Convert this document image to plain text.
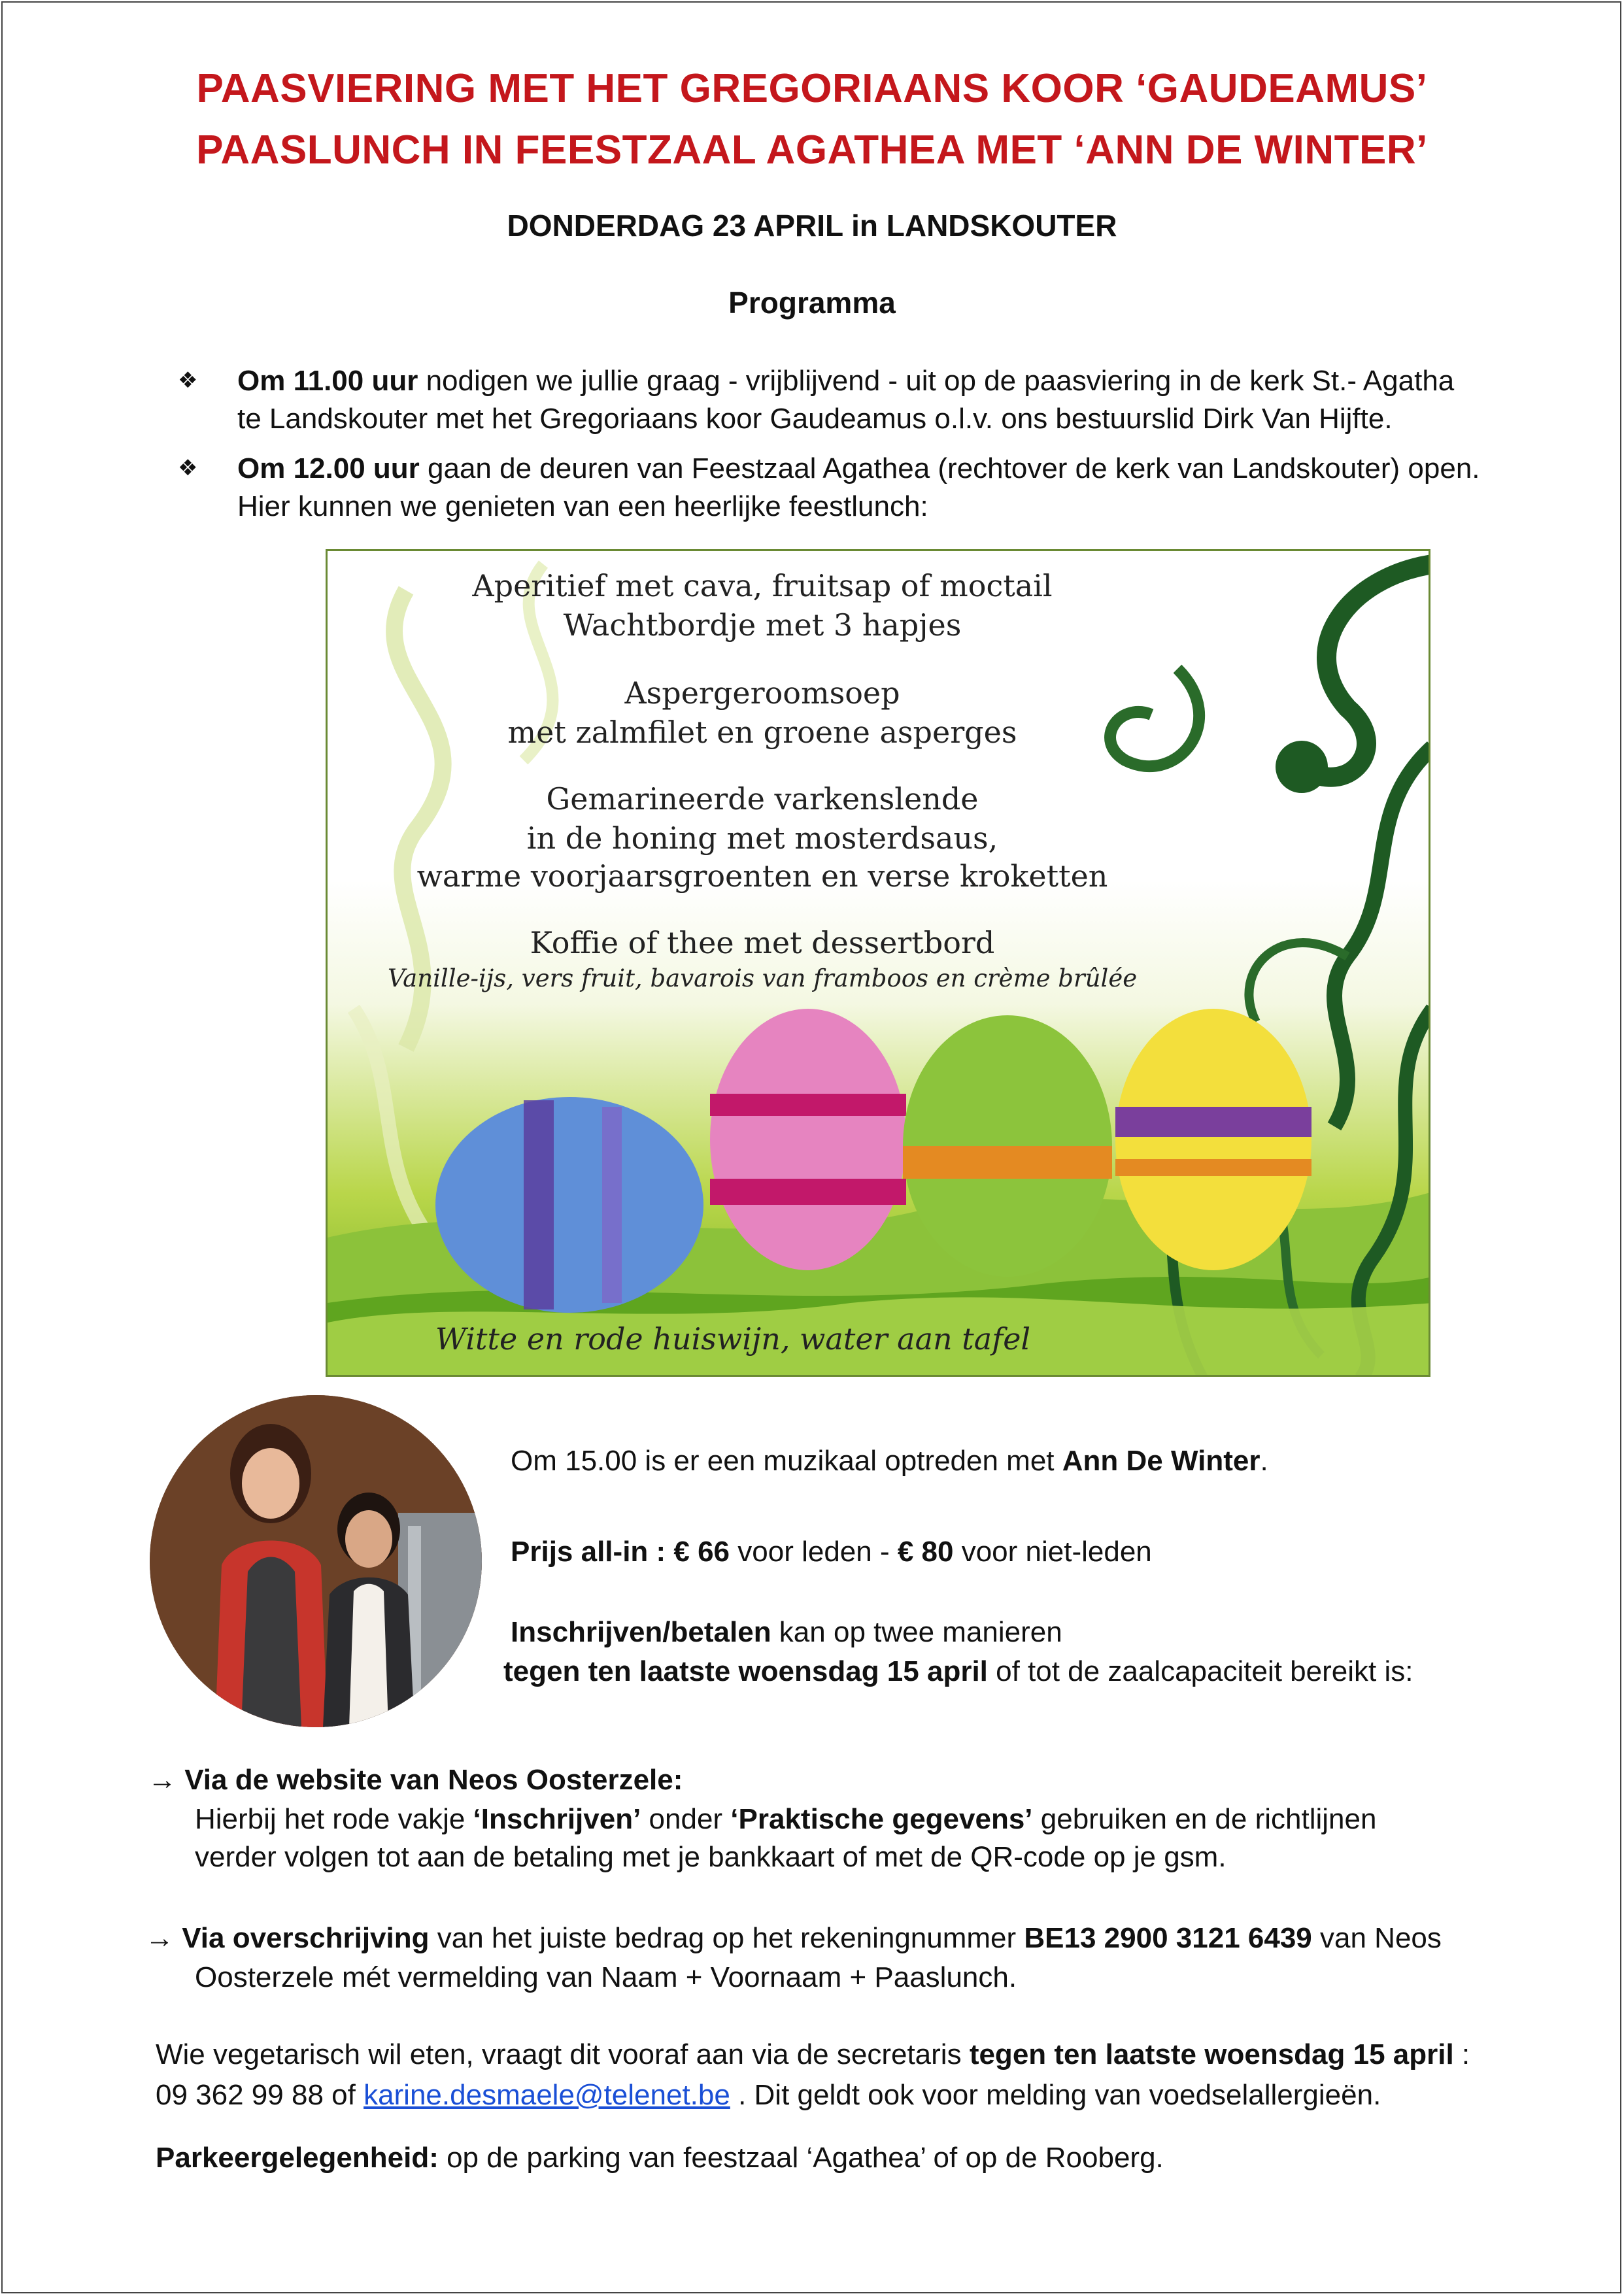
PAASVIERING MET HET GREGORIAANS KOOR ‘GAUDEAMUS’
PAASLUNCH IN FEESTZAAL AGATHEA MET ‘ANN DE WINTER’
DONDERDAG 23 APRIL in LANDSKOUTER
Programma
❖ Om 11.00 uur nodigen we jullie graag - vrijblijvend - uit op de paasviering in de kerk St.- Agatha
te Landskouter met het Gregoriaans koor Gaudeamus o.l.v. ons bestuurslid Dirk Van Hijfte.
❖ Om 12.00 uur gaan de deuren van Feestzaal Agathea (rechtover de kerk van Landskouter) open.
Hier kunnen we genieten van een heerlijke feestlunch:
Aperitief met cava, fruitsap of moctail
Wachtbordje met 3 hapjes
Aspergeroomsoep
met zalmfilet en groene asperges
Gemarineerde varkenslende
in de honing met mosterdsaus,
warme voorjaarsgroenten en verse kroketten
Koffie of thee met dessertbord
Vanille-ijs, vers fruit, bavarois van framboos en crème brûlée
Witte en rode huiswijn, water aan tafel
Om 15.00 is er een muzikaal optreden met Ann De Winter.
Prijs all-in : € 66 voor leden - € 80 voor niet-leden
Inschrijven/betalen kan op twee manieren
tegen ten laatste woensdag 15 april of tot de zaalcapaciteit bereikt is:
→ Via de website van Neos Oosterzele:
Hierbij het rode vakje ‘Inschrijven’ onder ‘Praktische gegevens’ gebruiken en de richtlijnen
verder volgen tot aan de betaling met je bankkaart of met de QR-code op je gsm.
→ Via overschrijving van het juiste bedrag op het rekeningnummer BE13 2900 3121 6439 van Neos
Oosterzele mét vermelding van Naam + Voornaam + Paaslunch.
Wie vegetarisch wil eten, vraagt dit vooraf aan via de secretaris tegen ten laatste woensdag 15 april :
09 362 99 88 of karine.desmaele@telenet.be . Dit geldt ook voor melding van voedselallergieën.
Parkeergelegenheid: op de parking van feestzaal ‘Agathea’ of op de Rooberg.
